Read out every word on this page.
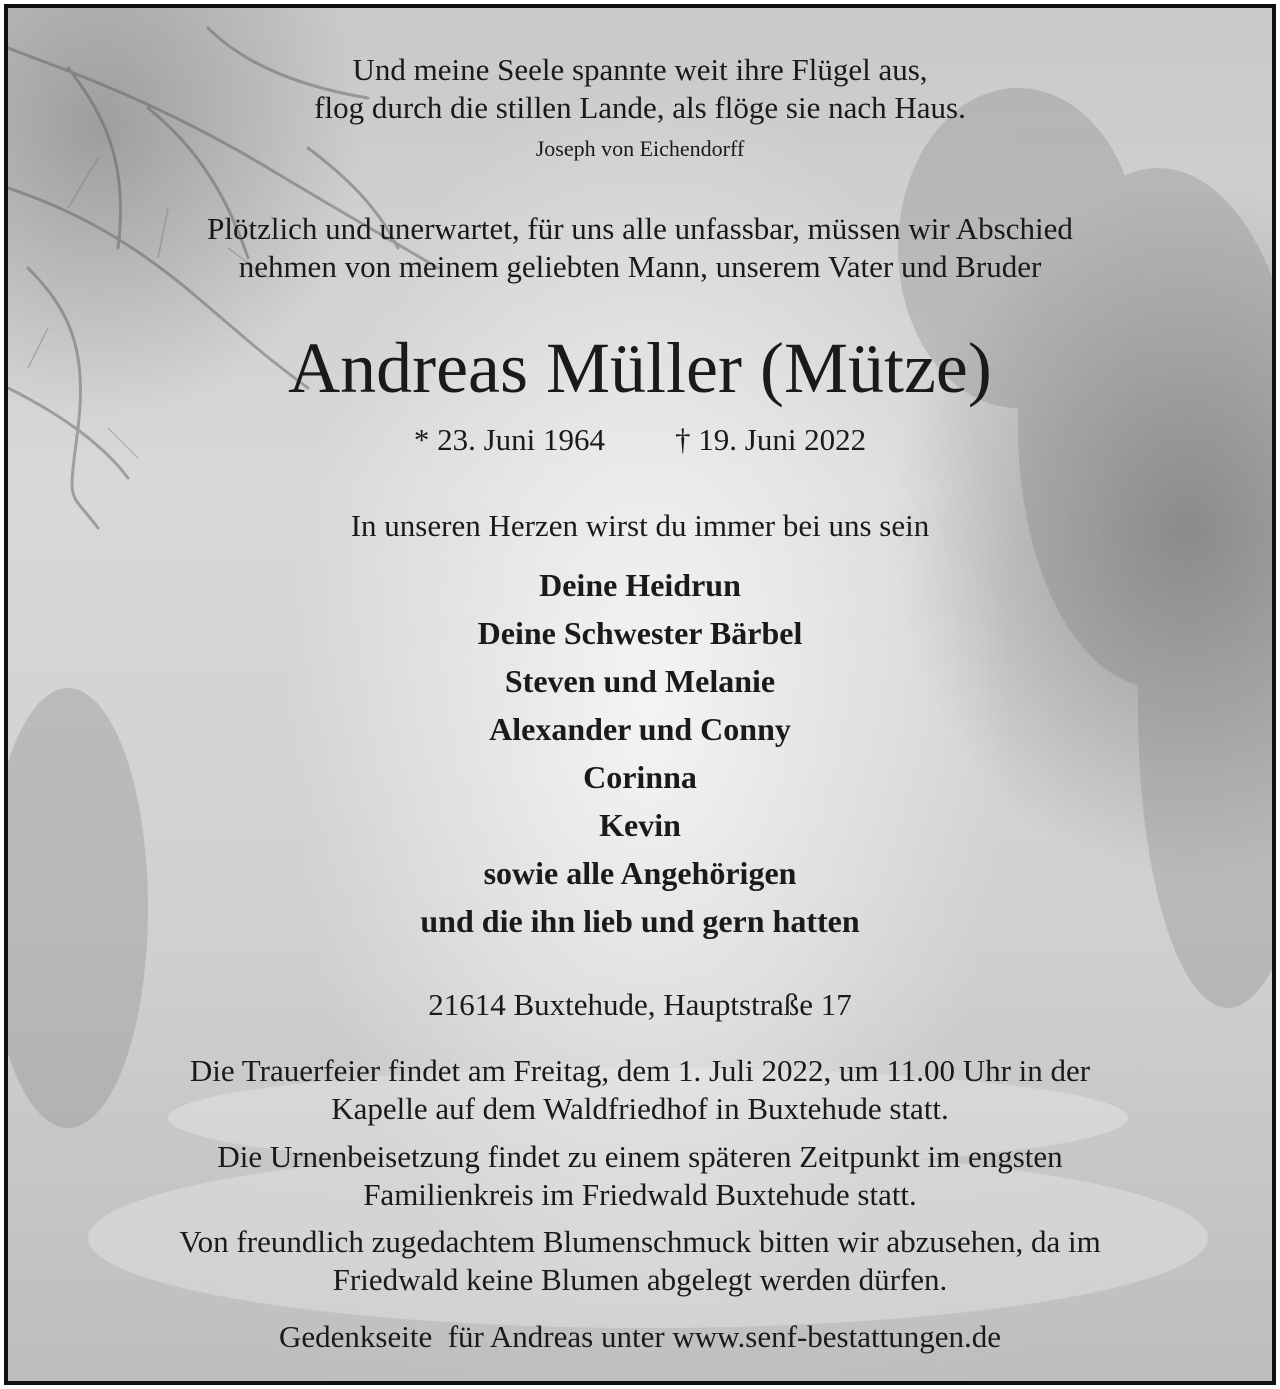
Und meine Seele spannte weit ihre Flügel aus,
flog durch die stillen Lande, als flöge sie nach Haus.
Joseph von Eichendorff
Plötzlich und unerwartet, für uns alle unfassbar, müssen wir Abschied
nehmen von meinem geliebten Mann, unserem Vater und Bruder
Andreas Müller (Mütze)
* 23. Juni 1964 † 19. Juni 2022
In unseren Herzen wirst du immer bei uns sein
Deine Heidrun
Deine Schwester Bärbel
Steven und Melanie
Alexander und Conny
Corinna
Kevin
sowie alle Angehörigen
und die ihn lieb und gern hatten
21614 Buxtehude, Hauptstraße 17
Die Trauerfeier findet am Freitag, dem 1. Juli 2022, um 11.00 Uhr in der
Kapelle auf dem Waldfriedhof in Buxtehude statt.
Die Urnenbeisetzung findet zu einem späteren Zeitpunkt im engsten
Familienkreis im Friedwald Buxtehude statt.
Von freundlich zugedachtem Blumenschmuck bitten wir abzusehen, da im
Friedwald keine Blumen abgelegt werden dürfen.
Gedenkseite  für Andreas unter www.senf-bestattungen.de
